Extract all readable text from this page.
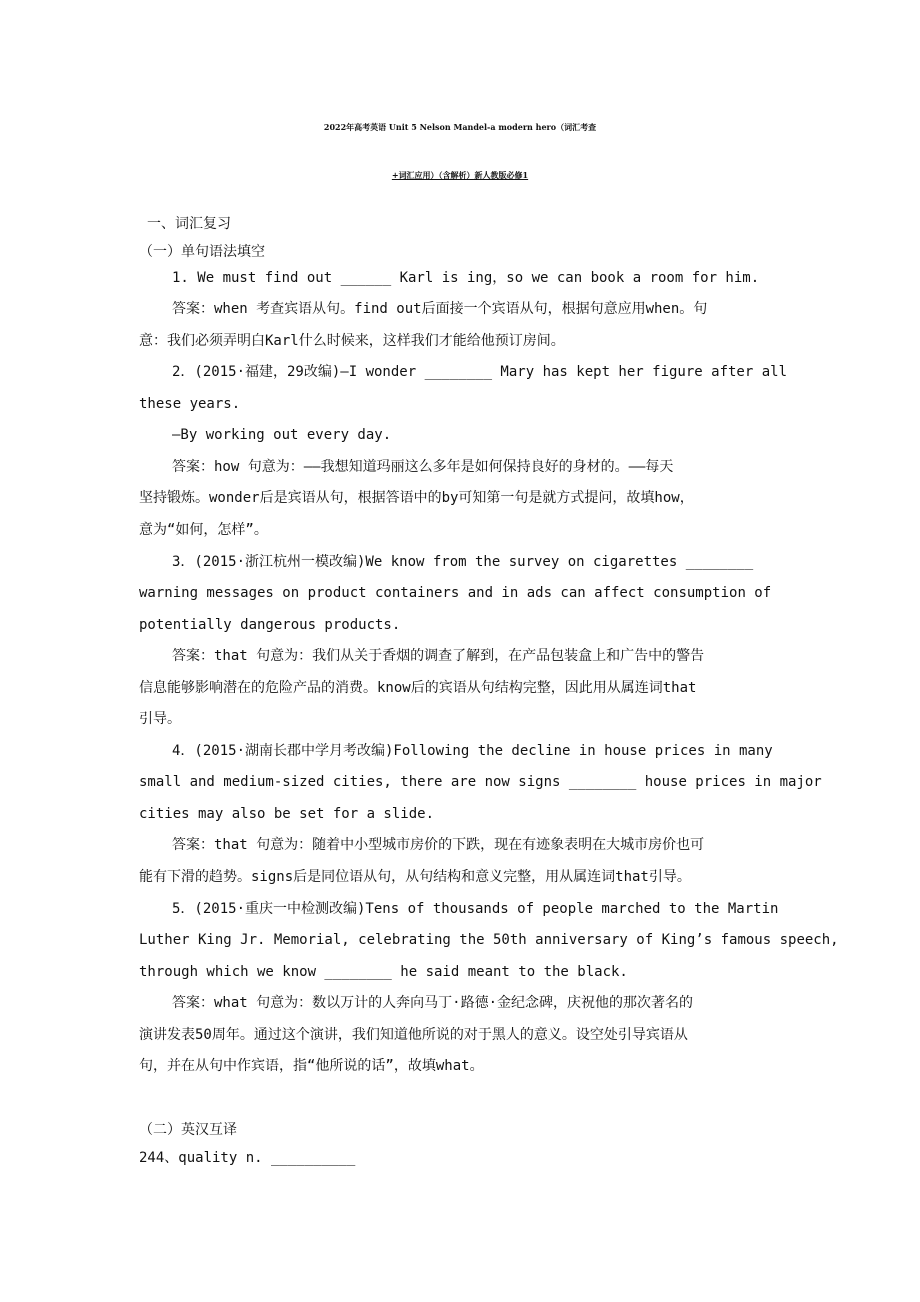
2022年高考英语 Unit 5 Nelson Mandel-a modern hero（词汇考查
+词汇应用）（含解析）新人教版必修1
一、词汇复习
（一）单句语法填空
1. We must find out ______ Karl is ing，so we can book a room for him.
答案：when 考查宾语从句。find out后面接一个宾语从句，根据句意应用when。句
意：我们必须弄明白Karl什么时候来，这样我们才能给他预订房间。
2．(2015·福建，29改编)—I wonder ________ Mary has kept her figure after all
these years.
—By working out every day.
答案：how 句意为：——我想知道玛丽这么多年是如何保持良好的身材的。——每天
坚持锻炼。wonder后是宾语从句，根据答语中的by可知第一句是就方式提问，故填how，
意为“如何，怎样”。
3．(2015·浙江杭州一模改编)We know from the survey on cigarettes ________
warning messages on product containers and in ads can affect consumption of
potentially dangerous products.
答案：that 句意为：我们从关于香烟的调查了解到，在产品包装盒上和广告中的警告
信息能够影响潜在的危险产品的消费。know后的宾语从句结构完整，因此用从属连词that
引导。
4．(2015·湖南长郡中学月考改编)Following the decline in house prices in many
small and medium-sized cities, there are now signs ________ house prices in major
cities may also be set for a slide.
答案：that 句意为：随着中小型城市房价的下跌，现在有迹象表明在大城市房价也可
能有下滑的趋势。signs后是同位语从句，从句结构和意义完整，用从属连词that引导。
5．(2015·重庆一中检测改编)Tens of thousands of people marched to the Martin
Luther King Jr. Memorial, celebrating the 50th anniversary of King’s famous speech,
through which we know ________ he said meant to the black.
答案：what 句意为：数以万计的人奔向马丁·路德·金纪念碑，庆祝他的那次著名的
演讲发表50周年。通过这个演讲，我们知道他所说的对于黑人的意义。设空处引导宾语从
句，并在从句中作宾语，指“他所说的话”，故填what。
（二）英汉互译
244、quality n. __________
